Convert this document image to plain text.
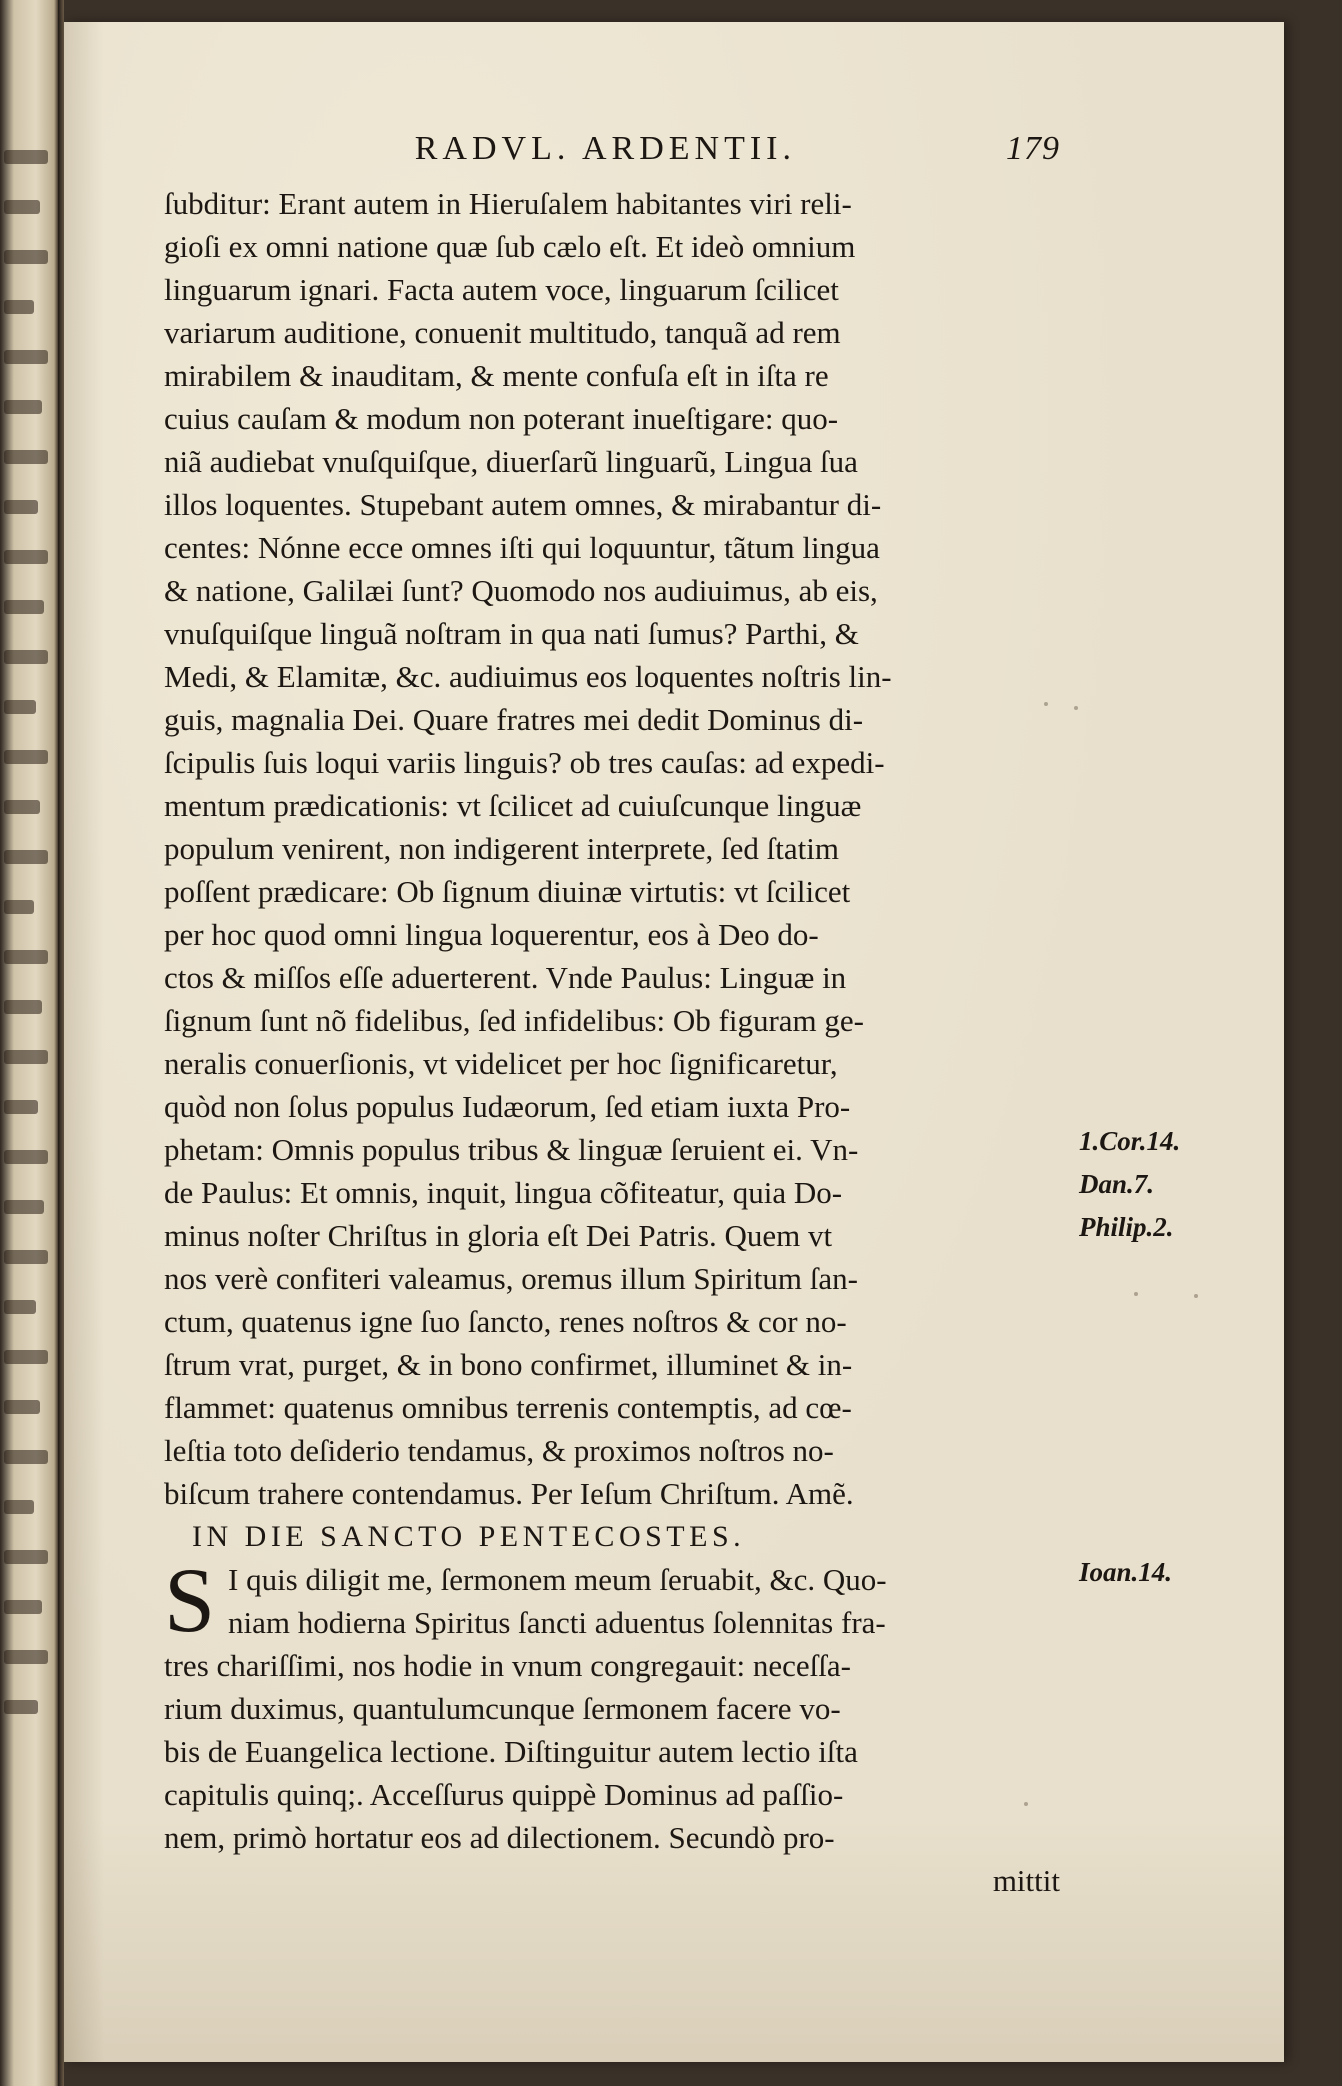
RADVL. ARDENTII.	179
ſubditur: Erant autem in Hieruſalem habitantes viri reli-
gioſi ex omni natione quæ ſub cælo eſt. Et ideò omnium
linguarum ignari. Facta autem voce, linguarum ſcilicet
variarum auditione, conuenit multitudo, tanquã ad rem
mirabilem & inauditam, & mente confuſa eſt in iſta re
cuius cauſam & modum non poterant inueſtigare: quo-
niã audiebat vnuſquiſque, diuerſarũ linguarũ, Lingua ſua
illos loquentes. Stupebant autem omnes, & mirabantur di-
centes: Nónne ecce omnes iſti qui loquuntur, tãtum lingua
& natione, Galilæi ſunt? Quomodo nos audiuimus, ab eis,
vnuſquiſque linguã noſtram in qua nati ſumus? Parthi, &
Medi, & Elamitæ, &c. audiuimus eos loquentes noſtris lin-
guis, magnalia Dei. Quare fratres mei dedit Dominus di-
ſcipulis ſuis loqui variis linguis? ob tres cauſas: ad expedi-
mentum prædicationis: vt ſcilicet ad cuiuſcunque linguæ
populum venirent, non indigerent interprete, ſed ſtatim
poſſent prædicare: Ob ſignum diuinæ virtutis: vt ſcilicet
per hoc quod omni lingua loquerentur, eos à Deo do-
ctos & miſſos eſſe aduerterent. Vnde Paulus: Linguæ in
ſignum ſunt nõ fidelibus, ſed infidelibus: Ob figuram ge-
neralis conuerſionis, vt videlicet per hoc ſignificaretur,
quòd non ſolus populus Iudæorum, ſed etiam iuxta Pro-
phetam: Omnis populus tribus & linguæ ſeruient ei. Vn-
de Paulus: Et omnis, inquit, lingua cõfiteatur, quia Do-
minus noſter Chriſtus in gloria eſt Dei Patris. Quem vt
nos verè confiteri valeamus, oremus illum Spiritum ſan-
ctum, quatenus igne ſuo ſancto, renes noſtros & cor no-
ſtrum vrat, purget, & in bono confirmet, illuminet & in-
flammet: quatenus omnibus terrenis contemptis, ad cœ-
leſtia toto deſiderio tendamus, & proximos noſtros no-
biſcum trahere contendamus. Per Ieſum Chriſtum. Amẽ.
IN DIE SANCTO PENTECOSTES.
S I quis diligit me, ſermonem meum ſeruabit, &c. Quo-
niam hodierna Spiritus ſancti aduentus ſolennitas fra-
tres chariſſimi, nos hodie in vnum congregauit: neceſſa-
rium duximus, quantulumcunque ſermonem facere vo-
bis de Euangelica lectione. Diſtinguitur autem lectio iſta
capitulis quinq;. Acceſſurus quippè Dominus ad paſſio-
nem, primò hortatur eos ad dilectionem. Secundò pro-
mittit
1.Cor.14.
Dan.7.
Philip.2.
Ioan.14.
